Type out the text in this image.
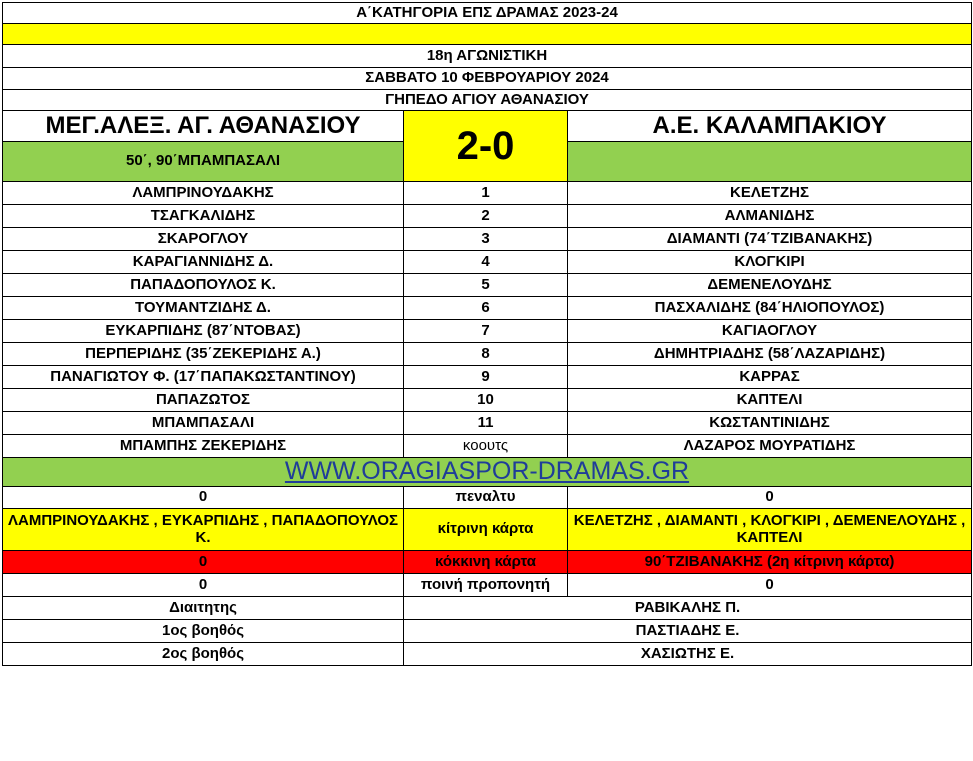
Α΄ΚΑΤΗΓΟΡΙΑ ΕΠΣ ΔΡΑΜΑΣ 2023-24		

18η ΑΓΩΝΙΣΤΙΚΗ		
ΣΑΒΒΑΤΟ 10 ΦΕΒΡΟΥΑΡΙΟΥ 2024		
ΓΗΠΕΔΟ ΑΓΙΟΥ ΑΘΑΝΑΣΙΟΥ		
ΜΕΓ.ΑΛΕΞ. ΑΓ. ΑΘΑΝΑΣΙΟΥ	2-0	Α.Ε. ΚΑΛΑΜΠΑΚΙΟΥ
50΄, 90΄ΜΠΑΜΠΑΣΑΛΙ		
ΛΑΜΠΡΙΝΟΥΔΑΚΗΣ	1	ΚΕΛΕΤΖΗΣ
ΤΣΑΓΚΑΛΙΔΗΣ	2	ΑΛΜΑΝΙΔΗΣ
ΣΚΑΡΟΓΛΟΥ	3	ΔΙΑΜΑΝΤΙ (74΄ΤΖΙΒΑΝΑΚΗΣ)
ΚΑΡΑΓΙΑΝΝΙΔΗΣ Δ.	4	ΚΛΟΓΚΙΡΙ
ΠΑΠΑΔΟΠΟΥΛΟΣ Κ.	5	ΔΕΜΕΝΕΛΟΥΔΗΣ
ΤΟΥΜΑΝΤΖΙΔΗΣ Δ.	6	ΠΑΣΧΑΛΙΔΗΣ (84΄ΗΛΙΟΠΟΥΛΟΣ)
ΕΥΚΑΡΠΙΔΗΣ (87΄ΝΤΟΒΑΣ)	7	ΚΑΓΙΑΟΓΛΟΥ
ΠΕΡΠΕΡΙΔΗΣ (35΄ΖΕΚΕΡΙΔΗΣ Α.)	8	ΔΗΜΗΤΡΙΑΔΗΣ (58΄ΛΑΖΑΡΙΔΗΣ)
ΠΑΝΑΓΙΩΤΟΥ Φ. (17΄ΠΑΠΑΚΩΣΤΑΝΤΙΝΟΥ)	9	ΚΑΡΡΑΣ
ΠΑΠΑΖΩΤΟΣ	10	ΚΑΠΤΕΛΙ
ΜΠΑΜΠΑΣΑΛΙ	11	ΚΩΣΤΑΝΤΙΝΙΔΗΣ
ΜΠΑΜΠΗΣ ΖΕΚΕΡΙΔΗΣ	κοουτς	ΛΑΖΑΡΟΣ ΜΟΥΡΑΤΙΔΗΣ
WWW.ORAGIASPOR-DRAMAS.GR		
0	πεναλτυ	0
ΛΑΜΠΡΙΝΟΥΔΑΚΗΣ , ΕΥΚΑΡΠΙΔΗΣ , ΠΑΠΑΔΟΠΟΥΛΟΣ Κ.	κίτρινη κάρτα	ΚΕΛΕΤΖΗΣ , ΔΙΑΜΑΝΤΙ , ΚΛΟΓΚΙΡΙ , ΔΕΜΕΝΕΛΟΥΔΗΣ , ΚΑΠΤΕΛΙ
0	κόκκινη κάρτα	90΄ΤΖΙΒΑΝΑΚΗΣ (2η κίτρινη κάρτα)
0	ποινή προπονητή	0
Διαιτητης	ΡΑΒΙΚΑΛΗΣ Π.	
1ος βοηθός	ΠΑΣΤΙΑΔΗΣ Ε.	
2ος βοηθός	ΧΑΣΙΩΤΗΣ Ε.	
